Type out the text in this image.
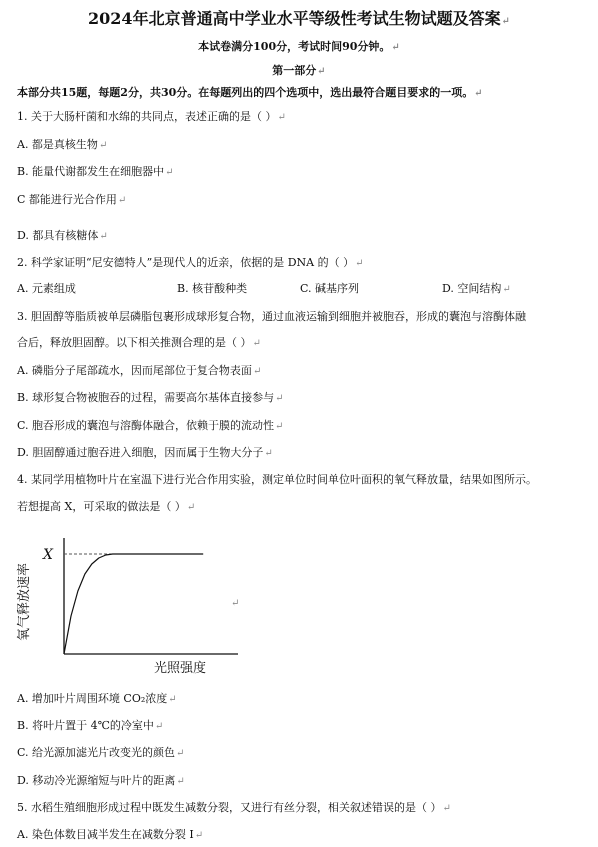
2024年北京普通高中学业水平等级性考试生物试题及答案↵
本试卷满分100分，考试时间90分钟。↵
第一部分↵
本部分共15题，每题2分，共30分。在每题列出的四个选项中，选出最符合题目要求的一项。↵
1. 关于大肠杆菌和水绵的共同点，表述正确的是（ ）↵
A. 都是真核生物↵
B. 能量代谢都发生在细胞器中↵
C 都能进行光合作用↵
D. 都具有核糖体↵
2. 科学家证明“尼安德特人”是现代人的近亲，依据的是 DNA 的（ ）↵
A. 元素组成	B. 核苷酸种类	C. 碱基序列	D. 空间结构↵
3. 胆固醇等脂质被单层磷脂包裹形成球形复合物，通过血液运输到细胞并被胞吞，形成的囊泡与溶酶体融
合后，释放胆固醇。以下相关推测合理的是（ ）↵
A. 磷脂分子尾部疏水，因而尾部位于复合物表面↵
B. 球形复合物被胞吞的过程，需要高尔基体直接参与↵
C. 胞吞形成的囊泡与溶酶体融合，依赖于膜的流动性↵
D. 胆固醇通过胞吞进入细胞，因而属于生物大分子↵
4. 某同学用植物叶片在室温下进行光合作用实验，测定单位时间单位叶面积的氧气释放量，结果如图所示。
若想提高 X，可采取的做法是（ ）↵
氧气释放速率
X
光照强度
↵
A. 增加叶片周围环境 CO₂浓度↵
B. 将叶片置于 4℃的冷室中↵
C. 给光源加滤光片改变光的颜色↵
D. 移动冷光源缩短与叶片的距离↵
5. 水稻生殖细胞形成过程中既发生减数分裂，又进行有丝分裂，相关叙述错误的是（ ）↵
A. 染色体数目减半发生在减数分裂 I↵
